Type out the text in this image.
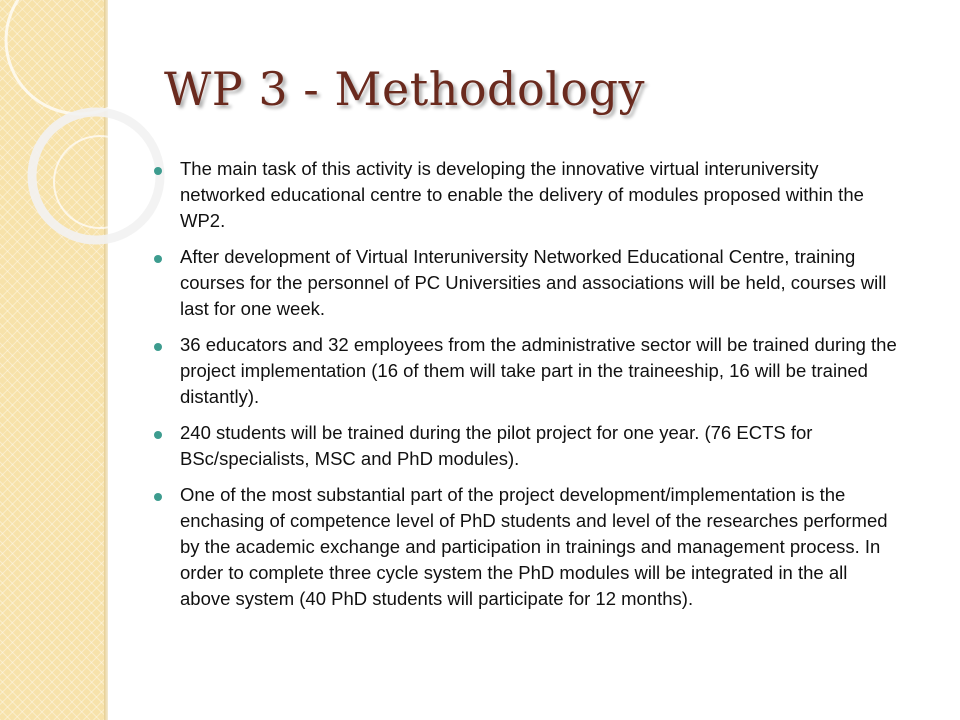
WP 3 - Methodology
The main task of this activity is developing the innovative virtual interuniversity networked educational centre to enable the delivery of modules proposed within the WP2.
After development of Virtual Interuniversity Networked Educational Centre, training courses for the personnel of PC Universities and associations will be held, courses will last for one week.
36 educators and 32 employees from the administrative sector will be trained during the project implementation (16 of them will take part in the traineeship, 16 will be trained distantly).
240 students will be trained during the pilot project for one year. (76 ECTS for BSc/specialists, MSC and PhD modules).
One of the most substantial part of the project development/implementation is the enchasing of competence level of PhD students and level of the researches performed by the academic exchange and participation in trainings and management process. In order to complete three cycle system the PhD modules will be integrated in the all above system (40 PhD students will participate for 12 months).
